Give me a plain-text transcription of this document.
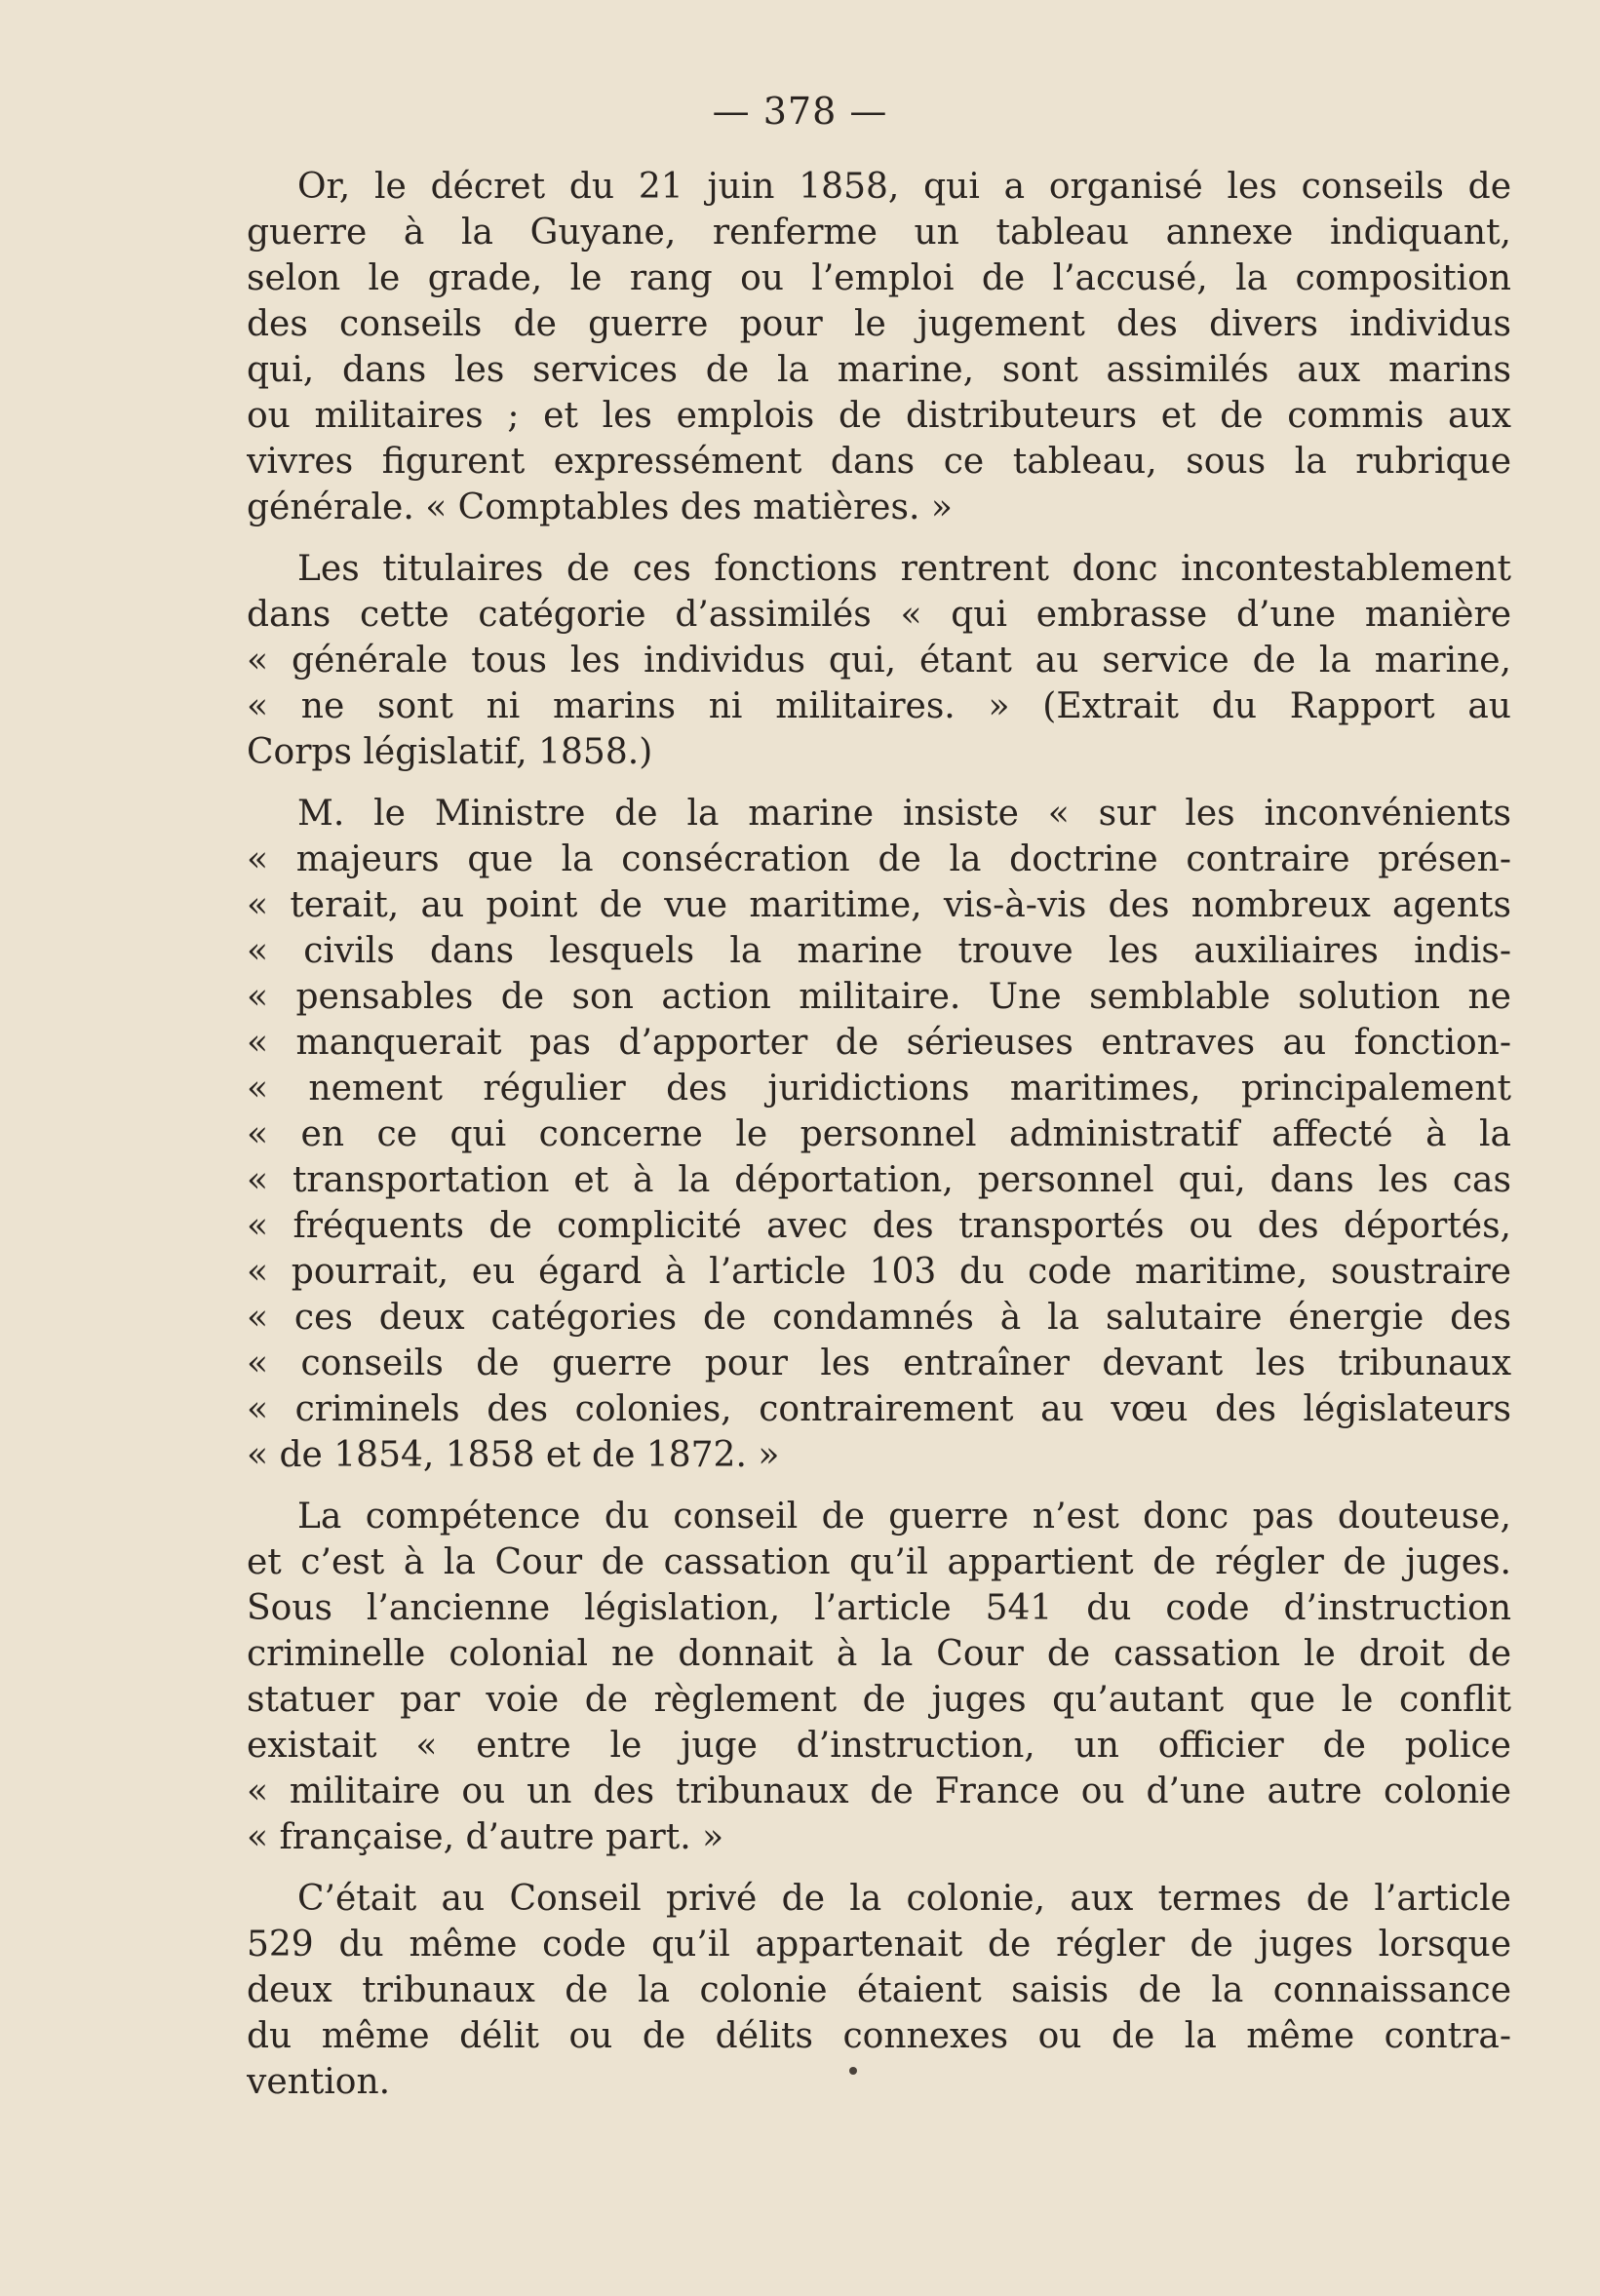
— 378 —
Or, le décret du 21 juin 1858, qui a organisé les conseils de
guerre à la Guyane, renferme un tableau annexe indiquant,
selon le grade, le rang ou l’emploi de l’accusé, la composition
des conseils de guerre pour le jugement des divers individus
qui, dans les services de la marine, sont assimilés aux marins
ou militaires ; et les emplois de distributeurs et de commis aux
vivres figurent expressément dans ce tableau, sous la rubrique
générale. « Comptables des matières. »
Les titulaires de ces fonctions rentrent donc incontestablement
dans cette catégorie d’assimilés « qui embrasse d’une manière
« générale tous les individus qui, étant au service de la marine,
« ne sont ni marins ni militaires. » (Extrait du Rapport au
Corps législatif, 1858.)
M. le Ministre de la marine insiste « sur les inconvénients
« majeurs que la consécration de la doctrine contraire présen-
« terait, au point de vue maritime, vis-à-vis des nombreux agents
« civils dans lesquels la marine trouve les auxiliaires indis-
« pensables de son action militaire. Une semblable solution ne
« manquerait pas d’apporter de sérieuses entraves au fonction-
« nement régulier des juridictions maritimes, principalement
« en ce qui concerne le personnel administratif affecté à la
« transportation et à la déportation, personnel qui, dans les cas
« fréquents de complicité avec des transportés ou des déportés,
« pourrait, eu égard à l’article 103 du code maritime, soustraire
« ces deux catégories de condamnés à la salutaire énergie des
« conseils de guerre pour les entraîner devant les tribunaux
« criminels des colonies, contrairement au vœu des législateurs
« de 1854, 1858 et de 1872. »
La compétence du conseil de guerre n’est donc pas douteuse,
et c’est à la Cour de cassation qu’il appartient de régler de juges.
Sous l’ancienne législation, l’article 541 du code d’instruction
criminelle colonial ne donnait à la Cour de cassation le droit de
statuer par voie de règlement de juges qu’autant que le conflit
existait « entre le juge d’instruction, un officier de police
« militaire ou un des tribunaux de France ou d’une autre colonie
« française, d’autre part. »
C’était au Conseil privé de la colonie, aux termes de l’article
529 du même code qu’il appartenait de régler de juges lorsque
deux tribunaux de la colonie étaient saisis de la connaissance
du même délit ou de délits connexes ou de la même contra-
vention.
